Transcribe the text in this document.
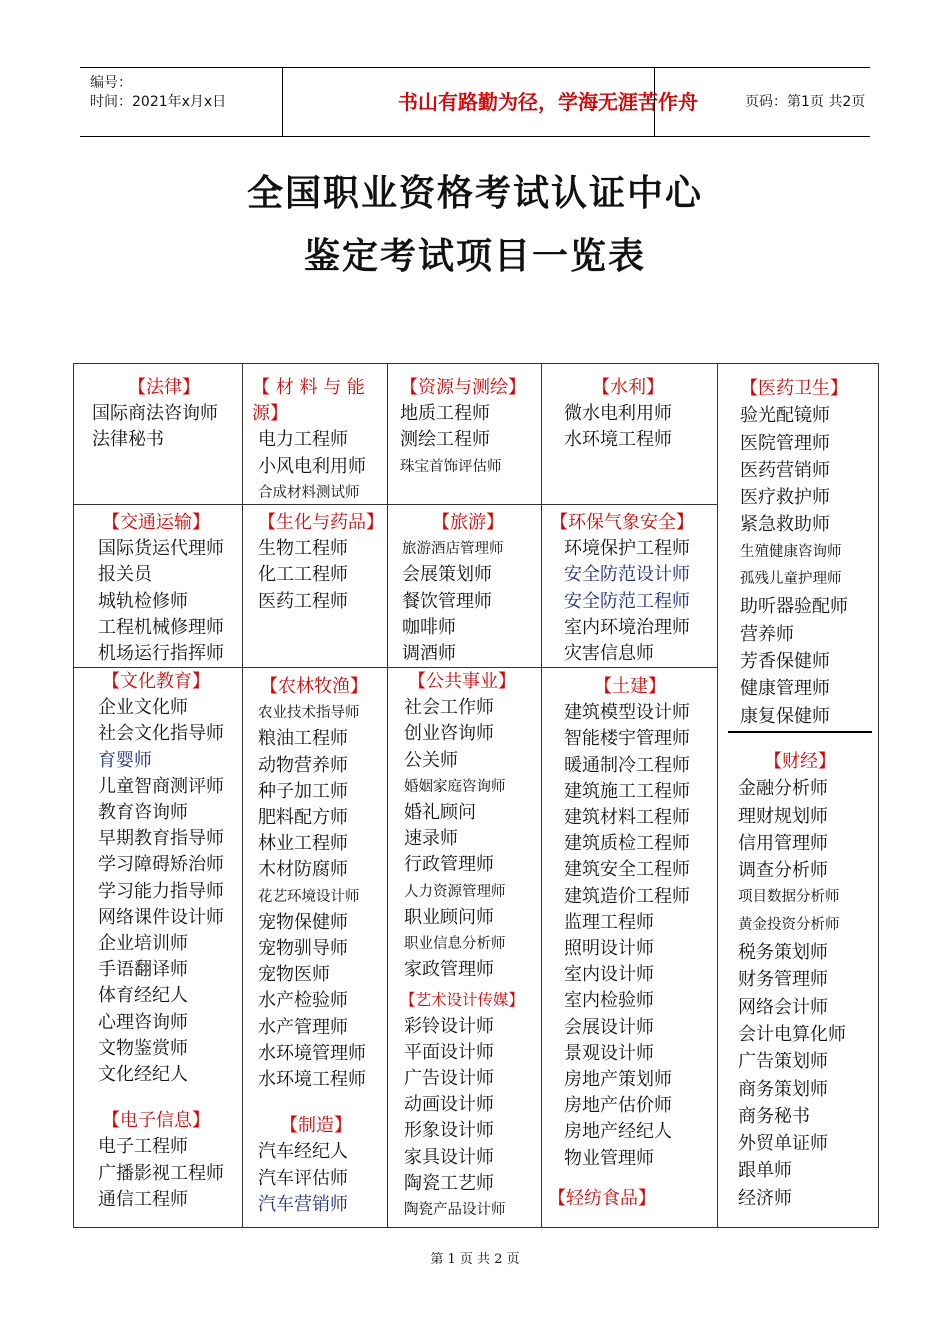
编号：
时间：2021年x月x日	书山有路勤为径，学海无涯苦作舟	页码：第1页 共2页
全国职业资格考试认证中心
鉴定考试项目一览表
【法律】
国际商法咨询师
法律秘书
【 材 料 与 能 源】
电力工程师
小风电利用师
合成材料测试师
【资源与测绘】
地质工程师
测绘工程师
珠宝首饰评估师
【水利】
微水电利用师
水环境工程师
【医药卫生】
验光配镜师
医院管理师
医药营销师
医疗救护师
紧急救助师
生殖健康咨询师
孤残儿童护理师
助听器验配师
营养师
芳香保健师
健康管理师
康复保健师
【交通运输】
国际货运代理师
报关员
城轨检修师
工程机械修理师
机场运行指挥师
【生化与药品】
生物工程师
化工工程师
医药工程师
【旅游】
旅游酒店管理师
会展策划师
餐饮管理师
咖啡师
调酒师
【环保气象安全】
环境保护工程师
安全防范设计师
安全防范工程师
室内环境治理师
灾害信息师
【文化教育】
企业文化师
社会文化指导师
育婴师
儿童智商测评师
教育咨询师
早期教育指导师
学习障碍矫治师
学习能力指导师
网络课件设计师
企业培训师
手语翻译师
体育经纪人
心理咨询师
文物鉴赏师
文化经纪人
【电子信息】
电子工程师
广播影视工程师
通信工程师
【农林牧渔】
农业技术指导师
粮油工程师
动物营养师
种子加工师
肥料配方师
林业工程师
木材防腐师
花艺环境设计师
宠物保健师
宠物驯导师
宠物医师
水产检验师
水产管理师
水环境管理师
水环境工程师
【制造】
汽车经纪人
汽车评估师
汽车营销师
【公共事业】
社会工作师
创业咨询师
公关师
婚姻家庭咨询师
婚礼顾问
速录师
行政管理师
人力资源管理师
职业顾问师
职业信息分析师
家政管理师
【艺术设计传媒】
彩铃设计师
平面设计师
广告设计师
动画设计师
形象设计师
家具设计师
陶瓷工艺师
陶瓷产品设计师
【土建】
建筑模型设计师
智能楼宇管理师
暖通制冷工程师
建筑施工工程师
建筑材料工程师
建筑质检工程师
建筑安全工程师
建筑造价工程师
监理工程师
照明设计师
室内设计师
室内检验师
会展设计师
景观设计师
房地产策划师
房地产估价师
房地产经纪人
物业管理师
【轻纺食品】
【财经】
金融分析师
理财规划师
信用管理师
调查分析师
项目数据分析师
黄金投资分析师
税务策划师
财务管理师
网络会计师
会计电算化师
广告策划师
商务策划师
商务秘书
外贸单证师
跟单师
经济师
第 1 页 共 2 页
